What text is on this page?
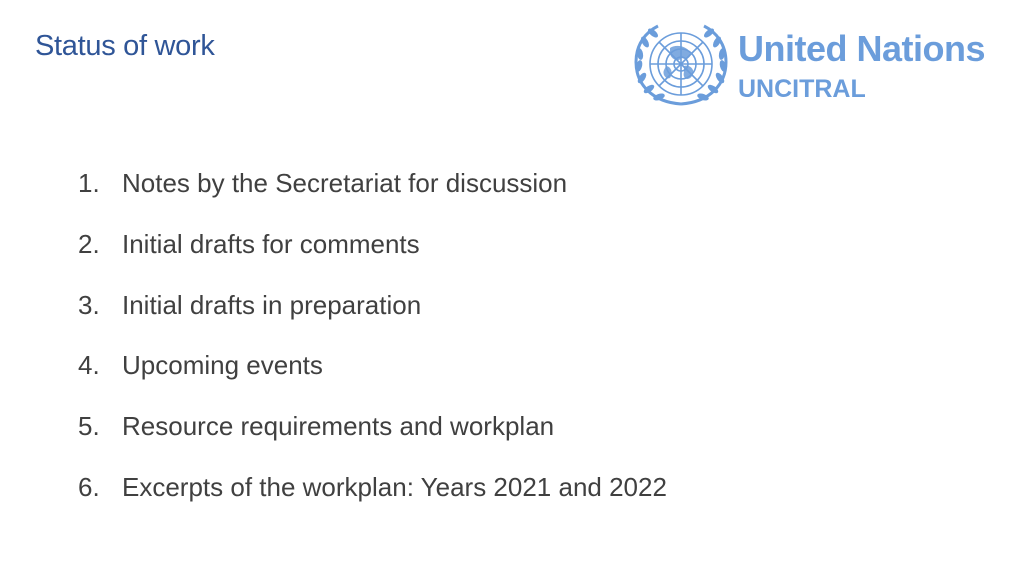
Status of work	United Nations
UNCITRAL
1. Notes by the Secretariat for discussion
2. Initial drafts for comments
3. Initial drafts in preparation
4. Upcoming events
5. Resource requirements and workplan
6. Excerpts of the workplan: Years 2021 and 2022
